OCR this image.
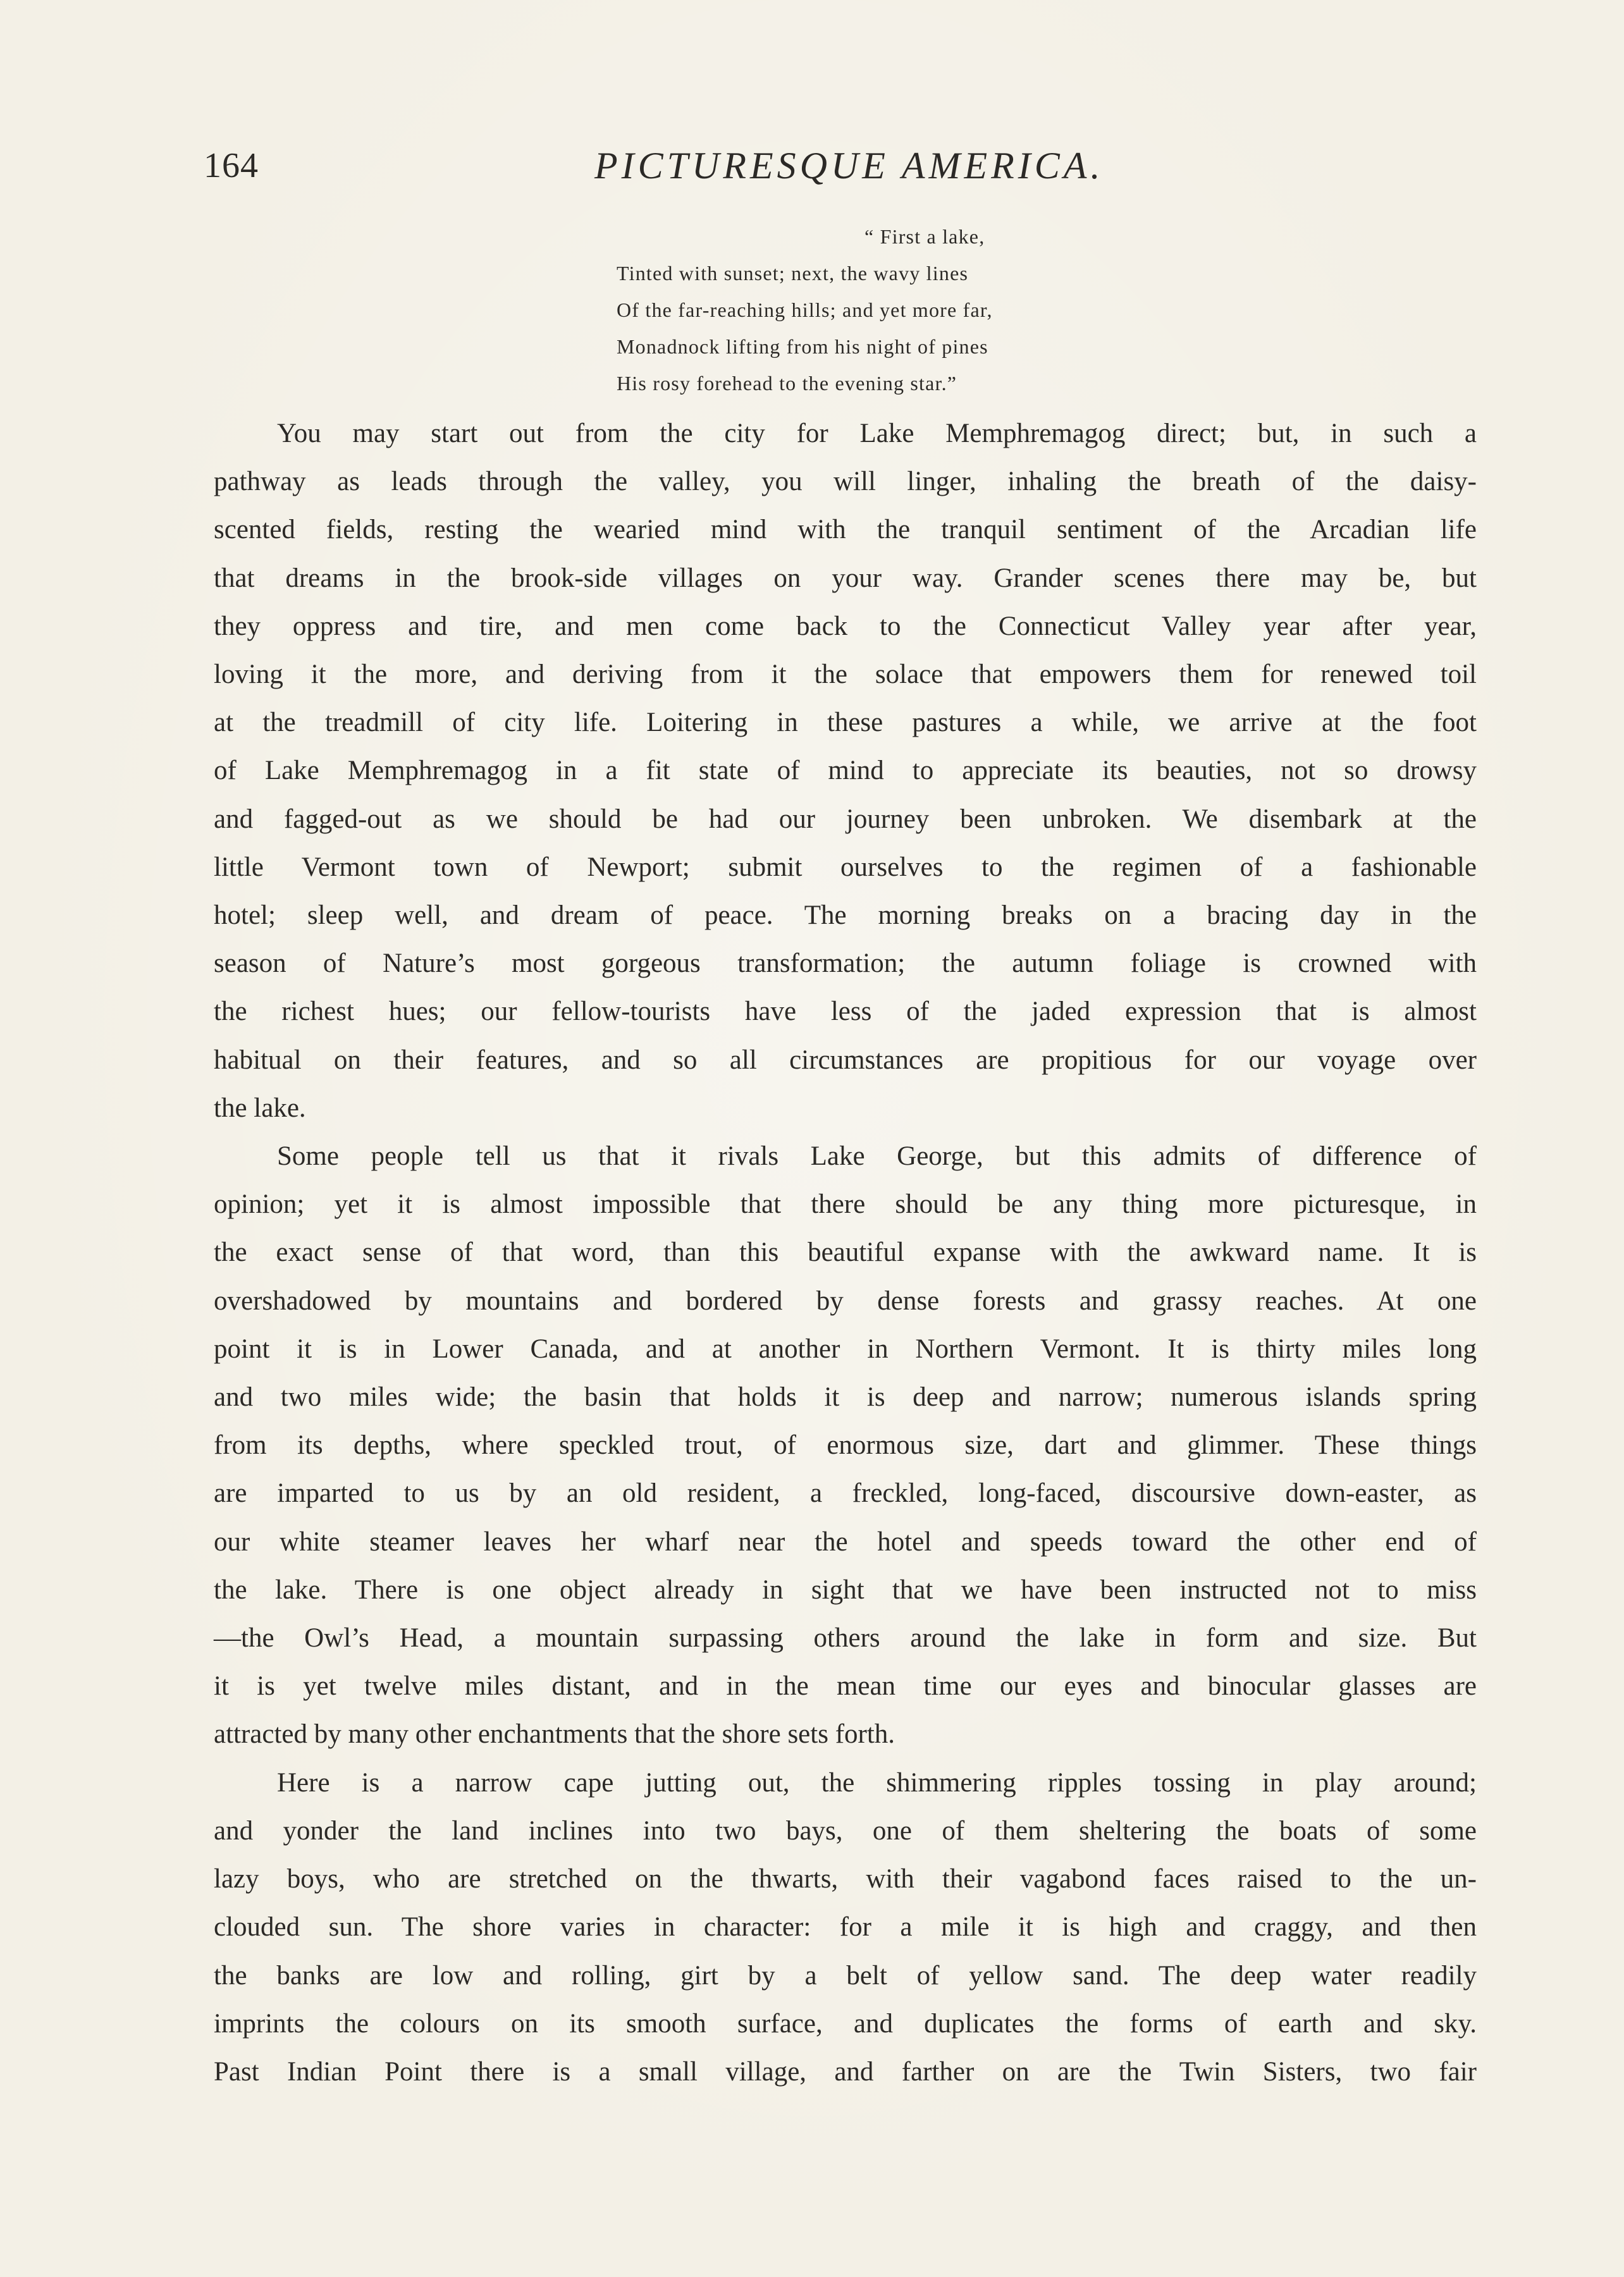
164	PICTURESQUE AMERICA.
“ First a lake,
Tinted with sunset; next, the wavy lines
Of the far-reaching hills; and yet more far,
Monadnock lifting from his night of pines
His rosy forehead to the evening star.”

You may start out from the city for Lake Memphremagog direct; but, in such a
pathway as leads through the valley, you will linger, inhaling the breath of the daisy-
scented fields, resting the wearied mind with the tranquil sentiment of the Arcadian life
that dreams in the brook-side villages on your way. Grander scenes there may be, but
they oppress and tire, and men come back to the Connecticut Valley year after year,
loving it the more, and deriving from it the solace that empowers them for renewed toil
at the treadmill of city life. Loitering in these pastures a while, we arrive at the foot
of Lake Memphremagog in a fit state of mind to appreciate its beauties, not so drowsy
and fagged-out as we should be had our journey been unbroken. We disembark at the
little Vermont town of Newport; submit ourselves to the regimen of a fashionable
hotel; sleep well, and dream of peace. The morning breaks on a bracing day in the
season of Nature’s most gorgeous transformation; the autumn foliage is crowned with
the richest hues; our fellow-tourists have less of the jaded expression that is almost
habitual on their features, and so all circumstances are propitious for our voyage over
the lake.

Some people tell us that it rivals Lake George, but this admits of difference of
opinion; yet it is almost impossible that there should be any thing more picturesque, in
the exact sense of that word, than this beautiful expanse with the awkward name. It is
overshadowed by mountains and bordered by dense forests and grassy reaches. At one
point it is in Lower Canada, and at another in Northern Vermont. It is thirty miles long
and two miles wide; the basin that holds it is deep and narrow; numerous islands spring
from its depths, where speckled trout, of enormous size, dart and glimmer. These things
are imparted to us by an old resident, a freckled, long-faced, discoursive down-easter, as
our white steamer leaves her wharf near the hotel and speeds toward the other end of
the lake. There is one object already in sight that we have been instructed not to miss
—the Owl’s Head, a mountain surpassing others around the lake in form and size. But
it is yet twelve miles distant, and in the mean time our eyes and binocular glasses are
attracted by many other enchantments that the shore sets forth.

Here is a narrow cape jutting out, the shimmering ripples tossing in play around;
and yonder the land inclines into two bays, one of them sheltering the boats of some
lazy boys, who are stretched on the thwarts, with their vagabond faces raised to the un-
clouded sun. The shore varies in character: for a mile it is high and craggy, and then
the banks are low and rolling, girt by a belt of yellow sand. The deep water readily
imprints the colours on its smooth surface, and duplicates the forms of earth and sky.
Past Indian Point there is a small village, and farther on are the Twin Sisters, two fair
